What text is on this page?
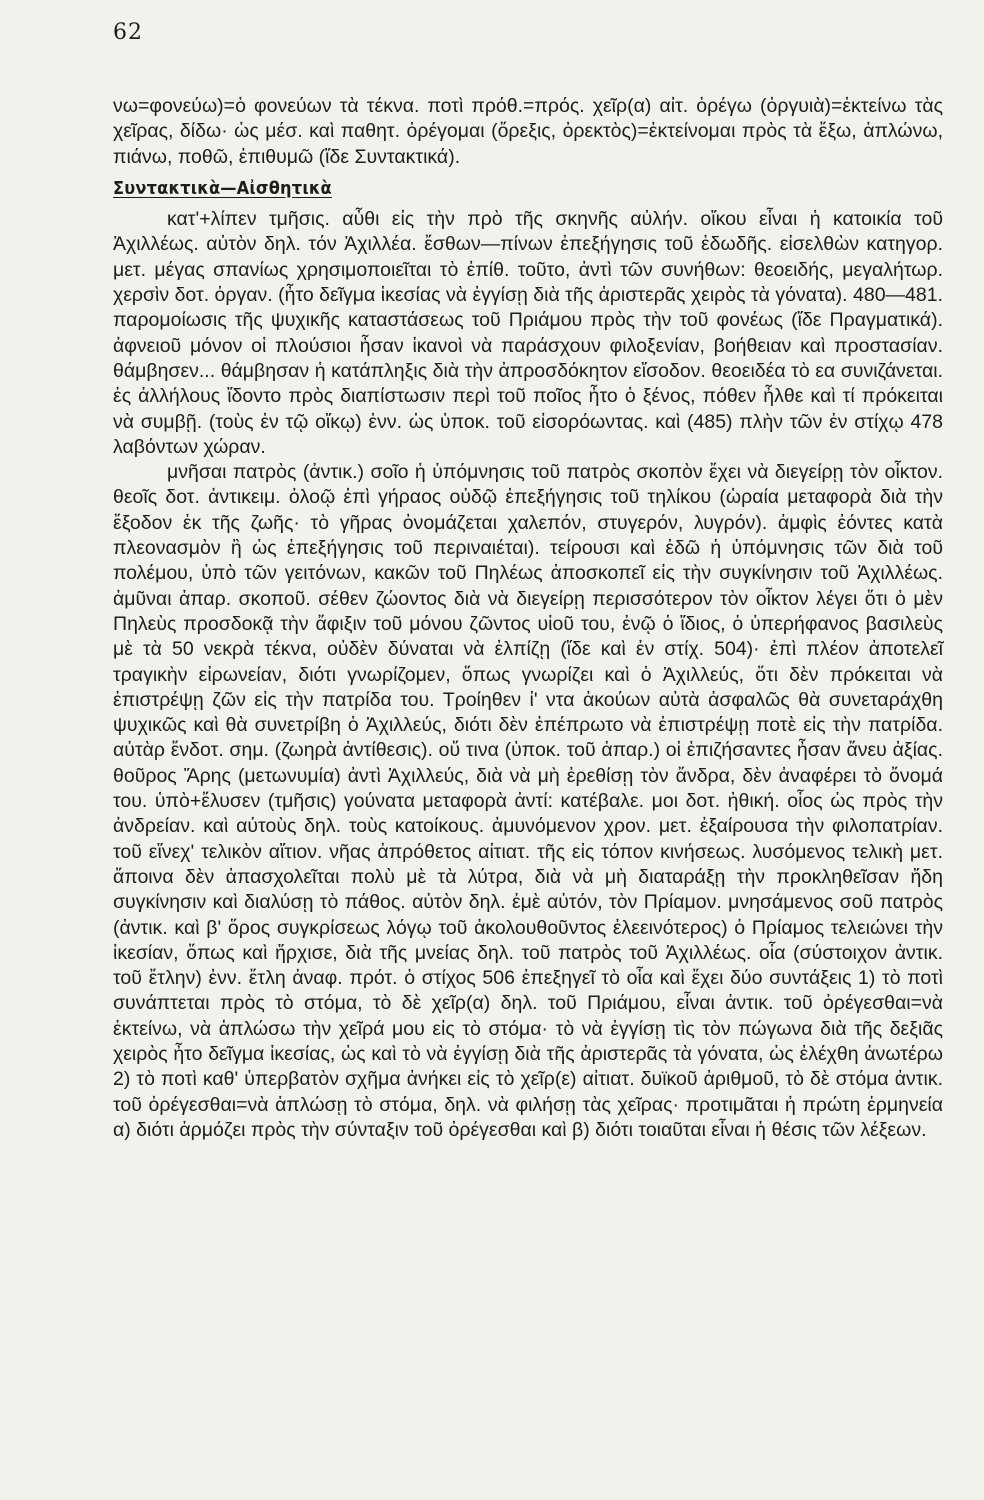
62

νω=φονεύω)=ὁ φονεύων τὰ τέκνα. ποτὶ πρόθ.=πρός. χεῖρ(α) αἰτ. ὀρέγω (ὀργυιὰ)=ἐκτείνω τὰς χεῖρας, δίδω· ὡς μέσ. καὶ παθητ. ὀρέγομαι (ὄρεξις, ὀρεκτὸς)=ἐκτείνομαι πρὸς τὰ ἔξω, ἁπλώνω, πιάνω, ποθῶ, ἐπιθυμῶ (ἴδε Συντακτικά).

Συντακτικὰ—Αἰσθητικὰ

κατ'+λίπεν τμῆσις. αὖθι εἰς τὴν πρὸ τῆς σκηνῆς αὐλήν. οἴκου εἶναι ἡ κατοικία τοῦ Ἀχιλλέως. αὐτὸν δηλ. τόν Ἀχιλλέα. ἔσθων—πίνων ἐπεξήγησις τοῦ ἑδωδῆς. εἰσελθὼν κατηγορ. μετ. μέγας σπανίως χρησιμοποιεῖται τὸ ἐπίθ. τοῦτο, ἀντὶ τῶν συνήθων: θεοειδής, μεγαλήτωρ. χερσὶν δοτ. ὀργαν. (ἦτο δεῖγμα ἱκεσίας νὰ ἐγγίσῃ διὰ τῆς ἀριστερᾶς χειρὸς τὰ γόνατα). 480—481. παρομοίωσις τῆς ψυχικῆς καταστάσεως τοῦ Πριάμου πρὸς τὴν τοῦ φονέως (ἴδε Πραγματικά). ἀφνειοῦ μόνον οἱ πλούσιοι ἦσαν ἱκανοὶ νὰ παράσχουν φιλοξενίαν, βοήθειαν καὶ προστασίαν. θάμβησεν... θάμβησαν ἡ κατάπληξις διὰ τὴν ἀπροσδόκητον εἴσοδον. θεοειδέα τὸ εα συνιζάνεται. ἐς ἀλλήλους ἴδοντο πρὸς διαπίστωσιν περὶ τοῦ ποῖος ἦτο ὁ ξένος, πόθεν ἦλθε καὶ τί πρόκειται νὰ συμβῇ. (τοὺς ἐν τῷ οἴκῳ) ἐνν. ὡς ὑποκ. τοῦ εἰσορόωντας. καὶ (485) πλὴν τῶν ἐν στίχῳ 478 λαβόντων χώραν.

μνῆσαι πατρὸς (ἀντικ.) σοῖο ἡ ὑπόμνησις τοῦ πατρὸς σκοπὸν ἔχει νὰ διεγείρῃ τὸν οἶκτον. θεοῖς δοτ. ἀντικειμ. ὀλοῷ ἐπὶ γήραος οὐδῷ ἐπεξήγησις τοῦ τηλίκου (ὡραία μεταφορὰ διὰ τὴν ἔξοδον ἐκ τῆς ζωῆς· τὸ γῆρας ὀνομάζεται χαλεπόν, στυγερόν, λυγρόν). ἀμφὶς ἐόντες κατὰ πλεονασμὸν ἢ ὡς ἐπεξήγησις τοῦ περιναιέται). τείρουσι καὶ ἐδῶ ἡ ὑπόμνησις τῶν διὰ τοῦ πολέμου, ὑπὸ τῶν γειτόνων, κακῶν τοῦ Πηλέως ἀποσκοπεῖ εἰς τὴν συγκίνησιν τοῦ Ἀχιλλέως. ἀμῦναι ἀπαρ. σκοποῦ. σέθεν ζώοντος διὰ νὰ διεγείρῃ περισσότερον τὸν οἶκτον λέγει ὅτι ὁ μὲν Πηλεὺς προσδοκᾷ τὴν ἄφιξιν τοῦ μόνου ζῶντος υἱοῦ του, ἐνῷ ὁ ἴδιος, ὁ ὑπερήφανος βασιλεὺς μὲ τὰ 50 νεκρὰ τέκνα, οὐδὲν δύναται νὰ ἐλπίζῃ (ἴδε καὶ ἐν στίχ. 504)· ἐπὶ πλέον ἀποτελεῖ τραγικὴν εἰρωνείαν, διότι γνωρίζομεν, ὅπως γνωρίζει καὶ ὁ Ἀχιλλεύς, ὅτι δὲν πρόκειται νὰ ἐπιστρέψῃ ζῶν εἰς τὴν πατρίδα του. Τροίηθεν ἰ' ντα ἀκούων αὐτὰ ἀσφαλῶς θὰ συνεταράχθη ψυχικῶς καὶ θὰ συνετρίβη ὁ Ἀχιλλεύς, διότι δὲν ἐπέπρωτο νὰ ἐπιστρέψῃ ποτὲ εἰς τὴν πατρίδα. αὐτὰρ ἔνδοτ. σημ. (ζωηρὰ ἀντίθεσις). οὔ τινα (ὑποκ. τοῦ ἀπαρ.) οἱ ἐπιζήσαντες ἦσαν ἄνευ ἀξίας. θοῦρος Ἄρης (μετωνυμία) ἀντὶ Ἀχιλλεύς, διὰ νὰ μὴ ἐρεθίσῃ τὸν ἄνδρα, δὲν ἀναφέρει τὸ ὄνομά του. ὑπὸ+ἔλυσεν (τμῆσις) γούνατα μεταφορὰ ἀντί: κατέβαλε. μοι δοτ. ἠθική. οἷος ὡς πρὸς τὴν ἀνδρείαν. καὶ αὐτοὺς δηλ. τοὺς κατοίκους. ἀμυνόμενον χρον. μετ. ἐξαίρουσα τὴν φιλοπατρίαν. τοῦ εἵνεχ' τελικὸν αἴτιον. νῆας ἀπρόθετος αἰτιατ. τῆς εἰς τόπον κινήσεως. λυσόμενος τελικὴ μετ. ἄποινα δὲν ἀπασχολεῖται πολὺ μὲ τὰ λύτρα, διὰ νὰ μὴ διαταράξῃ τὴν προκληθεῖσαν ἤδη συγκίνησιν καὶ διαλύσῃ τὸ πάθος. αὐτὸν δηλ. ἐμὲ αὐτόν, τὸν Πρίαμον. μνησάμενος σοῦ πατρὸς (ἀντικ. καὶ β' ὅρος συγκρίσεως λόγῳ τοῦ ἀκολουθοῦντος ἐλεεινότερος) ὁ Πρίαμος τελειώνει τὴν ἱκεσίαν, ὅπως καὶ ἤρχισε, διὰ τῆς μνείας δηλ. τοῦ πατρὸς τοῦ Ἀχιλλέως. οἷα (σύστοιχον ἀντικ. τοῦ ἔτλην) ἐνν. ἔτλη ἀναφ. πρότ. ὁ στίχος 506 ἐπεξηγεῖ τὸ οἷα καὶ ἔχει δύο συντάξεις 1) τὸ ποτὶ συνάπτεται πρὸς τὸ στόμα, τὸ δὲ χεῖρ(α) δηλ. τοῦ Πριάμου, εἶναι ἀντικ. τοῦ ὀρέγεσθαι=νὰ ἐκτείνω, νὰ ἁπλώσω τὴν χεῖρά μου εἰς τὸ στόμα· τὸ νὰ ἐγγίσῃ τὶς τὸν πώγωνα διὰ τῆς δεξιᾶς χειρὸς ἦτο δεῖγμα ἱκεσίας, ὡς καὶ τὸ νὰ ἐγγίσῃ διὰ τῆς ἀριστερᾶς τὰ γόνατα, ὡς ἐλέχθη ἀνωτέρω 2) τὸ ποτὶ καθ' ὑπερβατὸν σχῆμα ἀνήκει εἰς τὸ χεῖρ(ε) αἰτιατ. δυϊκοῦ ἀριθμοῦ, τὸ δὲ στόμα ἀντικ. τοῦ ὀρέγεσθαι=νὰ ἁπλώσῃ τὸ στόμα, δηλ. νὰ φιλήσῃ τὰς χεῖρας· προτιμᾶται ἡ πρώτη ἑρμηνεία α) διότι ἁρμόζει πρὸς τὴν σύνταξιν τοῦ ὀρέγεσθαι καὶ β) διότι τοιαῦται εἶναι ἡ θέσις τῶν λέξεων.
